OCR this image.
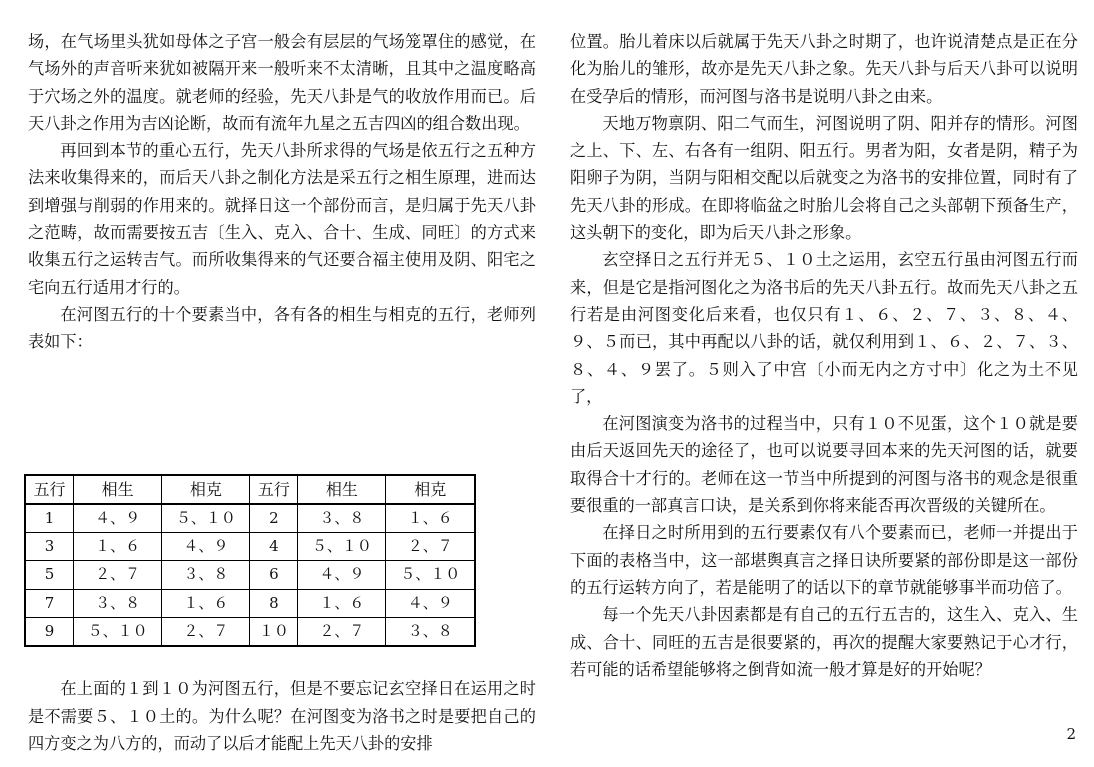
场，在气场里头犹如母体之子宫一般会有层层的气场笼罩住的感觉，在气场外的声音听来犹如被隔开来一般听来不太清晰，且其中之温度略高于穴场之外的温度。就老师的经验，先天八卦是气的收放作用而已。后天八卦之作用为吉凶论断，故而有流年九星之五吉四凶的组合数出现。

再回到本节的重心五行，先天八卦所求得的气场是依五行之五种方法来收集得来的，而后天八卦之制化方法是采五行之相生原理，进而达到增强与削弱的作用来的。就择日这一个部份而言，是归属于先天八卦之范畴，故而需要按五吉〔生入、克入、合十、生成、同旺〕的方式来收集五行之运转吉气。而所收集得来的气还要合福主使用及阴、阳宅之宅向五行适用才行的。

在河图五行的十个要素当中，各有各的相生与相克的五行，老师列表如下：

五行	相生	相克	五行	相生	相克
1	４、９	５、１０	2	３、８	１、６
3	１、６	４、９	4	５、１０	２、７
5	２、７	３、８	6	４、９	５、１０
7	３、８	１、６	8	１、６	４、９
9	５、１０	２、７	１０	２、７	３、８

在上面的１到１０为河图五行，但是不要忘记玄空择日在运用之时是不需要５、１０土的。为什么呢？在河图变为洛书之时是要把自己的四方变之为八方的，而动了以后才能配上先天八卦的安排

位置。胎儿着床以后就属于先天八卦之时期了，也许说清楚点是正在分化为胎儿的雏形，故亦是先天八卦之象。先天八卦与后天八卦可以说明在受孕后的情形，而河图与洛书是说明八卦之由来。

天地万物禀阴、阳二气而生，河图说明了阴、阳并存的情形。河图之上、下、左、右各有一组阴、阳五行。男者为阳，女者是阴，精子为阳卵子为阴，当阴与阳相交配以后就变之为洛书的安排位置，同时有了先天八卦的形成。在即将临盆之时胎儿会将自己之头部朝下预备生产，这头朝下的变化，即为后天八卦之形象。

玄空择日之五行并无５、１０土之运用，玄空五行虽由河图五行而来，但是它是指河图化之为洛书后的先天八卦五行。故而先天八卦之五行若是由河图变化后来看，也仅只有１、６、２、７、３、８、４、９、５而已，其中再配以八卦的话，就仅利用到１、６、２、７、３、８、４、９罢了。５则入了中宫〔小而无内之方寸中〕化之为土不见了，

在河图演变为洛书的过程当中，只有１０不见蛋，这个１０就是要由后天返回先天的途径了，也可以说要寻回本来的先天河图的话，就要取得合十才行的。老师在这一节当中所提到的河图与洛书的观念是很重要很重的一部真言口诀，是关系到你将来能否再次晋级的关键所在。

在择日之时所用到的五行要素仅有八个要素而已，老师一并提出于下面的表格当中，这一部堪舆真言之择日诀所要紧的部份即是这一部份的五行运转方向了，若是能明了的话以下的章节就能够事半而功倍了。

每一个先天八卦因素都是有自己的五行五吉的，这生入、克入、生成、合十、同旺的五吉是很要紧的，再次的提醒大家要熟记于心才行，若可能的话希望能够将之倒背如流一般才算是好的开始呢？

2
